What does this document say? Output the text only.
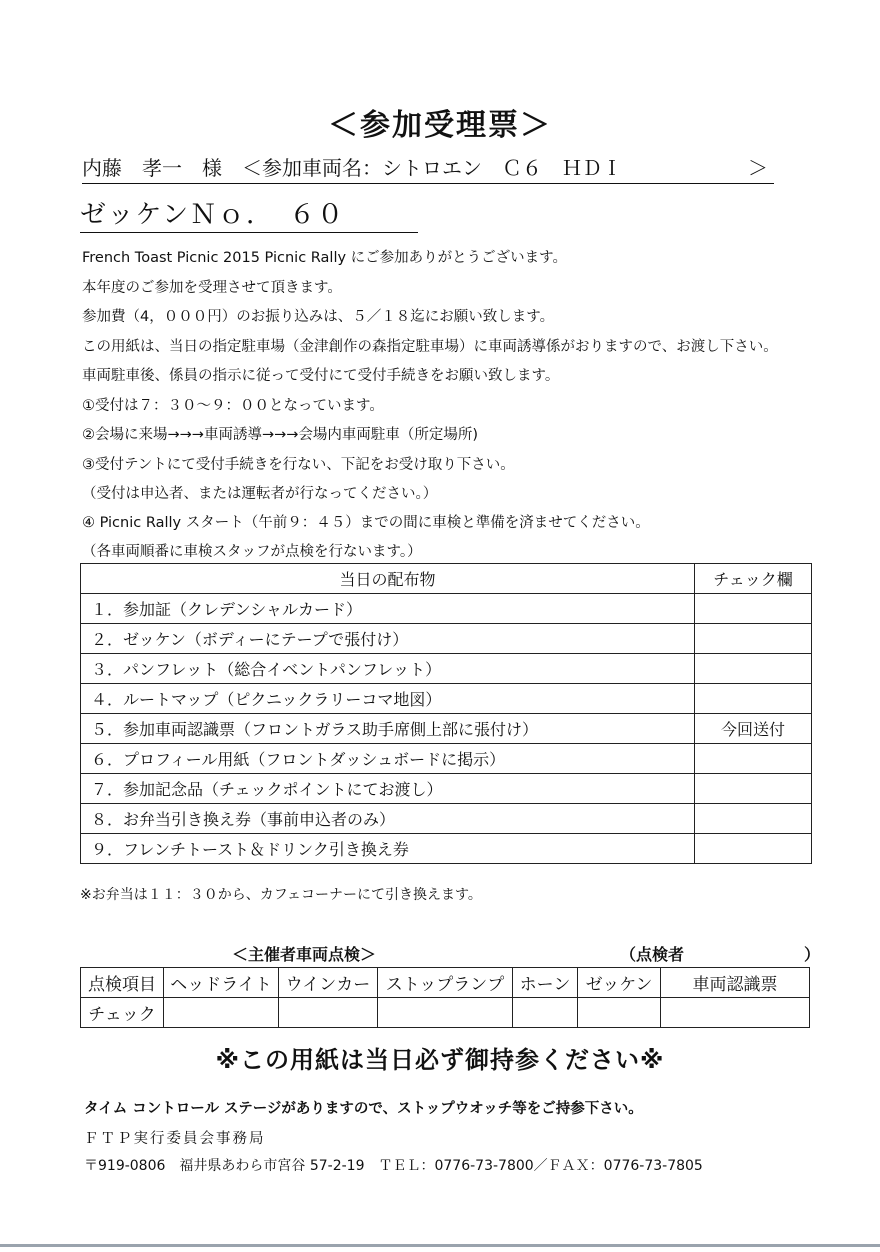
＜参加受理票＞
内藤　孝一　様 ＜参加車両名：シトロエン　Ｃ６　ＨＤＩ	＞
ゼッケンＮｏ．　６０
French Toast Picnic 2015 Picnic Rally にご参加ありがとうございます。
本年度のご参加を受理させて頂きます。
参加費（4，０００円）のお振り込みは、５／１８迄にお願い致します。
この用紙は、当日の指定駐車場（金津創作の森指定駐車場）に車両誘導係がおりますので、お渡し下さい。
車両駐車後、係員の指示に従って受付にて受付手続きをお願い致します。
①受付は７：３０～９：００となっています。
②会場に来場→→→車両誘導→→→会場内車両駐車（所定場所)
③受付テントにて受付手続きを行ない、下記をお受け取り下さい。
（受付は申込者、または運転者が行なってください。）
④ Picnic Rally スタート（午前９：４５）までの間に車検と準備を済ませてください。
（各車両順番に車検スタッフが点検を行ないます。）
当日の配布物	チェック欄
１．参加証（クレデンシャルカード）	
２．ゼッケン（ボディーにテープで張付け）	
３．パンフレット（総合イベントパンフレット）	
４．ルートマップ（ピクニックラリーコマ地図）	
５．参加車両認識票（フロントガラス助手席側上部に張付け）	今回送付
６．プロフィール用紙（フロントダッシュボードに掲示）	
７．参加記念品（チェックポイントにてお渡し）	
８．お弁当引き換え券（事前申込者のみ）	
９．フレンチトースト＆ドリンク引き換え券	
※お弁当は１１：３０から、カフェコーナーにて引き換えます。
＜主催者車両点検＞	（点検者	）
点検項目	ヘッドライト	ウインカー	ストップランプ	ホーン	ゼッケン	車両認識票
チェック						
※この用紙は当日必ず御持参ください※
タイム コントロール ステージがありますので、ストップウオッチ等をご持参下さい。
ＦＴＰ実行委員会事務局
〒919-0806　福井県あわら市宮谷 57-2-19　ＴＥＬ：0776-73-7800／ＦＡＸ：0776-73-7805
